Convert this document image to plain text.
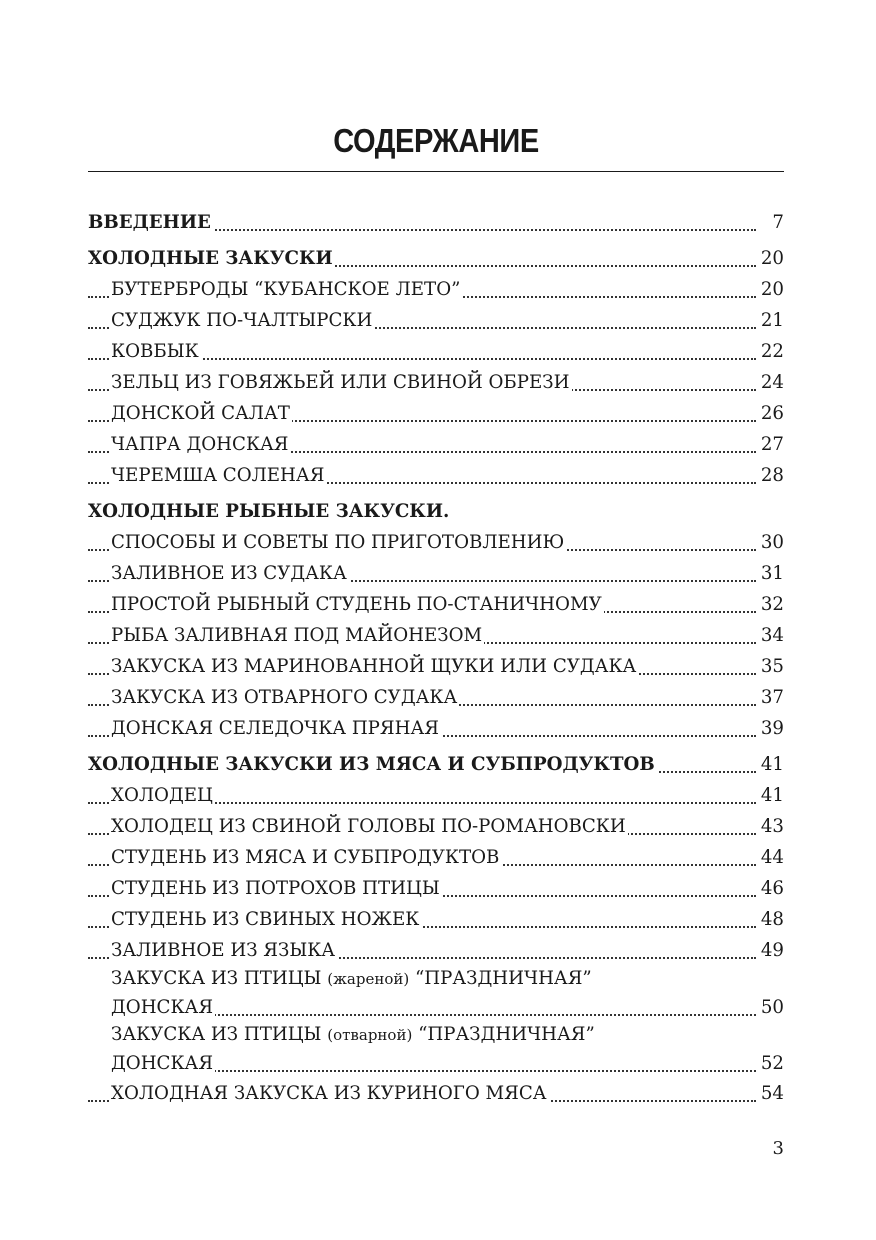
СОДЕРЖАНИЕ
ВВЕДЕНИЕ	7
ХОЛОДНЫЕ ЗАКУСКИ	20
БУТЕРБРОДЫ “КУБАНСКОЕ ЛЕТО”	20
СУДЖУК ПО-ЧАЛТЫРСКИ	21
КОВБЫК	22
ЗЕЛЬЦ ИЗ ГОВЯЖЬЕЙ ИЛИ СВИНОЙ ОБРЕЗИ	24
ДОНСКОЙ САЛАТ	26
ЧАПРА ДОНСКАЯ	27
ЧЕРЕМША СОЛЕНАЯ	28
ХОЛОДНЫЕ РЫБНЫЕ ЗАКУСКИ.
СПОСОБЫ И СОВЕТЫ ПО ПРИГОТОВЛЕНИЮ	30
ЗАЛИВНОЕ ИЗ СУДАКА	31
ПРОСТОЙ РЫБНЫЙ СТУДЕНЬ ПО-СТАНИЧНОМУ	32
РЫБА ЗАЛИВНАЯ ПОД МАЙОНЕЗОМ	34
ЗАКУСКА ИЗ МАРИНОВАННОЙ ЩУКИ ИЛИ СУДАКА	35
ЗАКУСКА ИЗ ОТВАРНОГО СУДАКА	37
ДОНСКАЯ СЕЛЕДОЧКА ПРЯНАЯ	39
ХОЛОДНЫЕ ЗАКУСКИ ИЗ МЯСА И СУБПРОДУКТОВ	41
ХОЛОДЕЦ	41
ХОЛОДЕЦ ИЗ СВИНОЙ ГОЛОВЫ ПО-РОМАНОВСКИ	43
СТУДЕНЬ ИЗ МЯСА И СУБПРОДУКТОВ	44
СТУДЕНЬ ИЗ ПОТРОХОВ ПТИЦЫ	46
СТУДЕНЬ ИЗ СВИНЫХ НОЖЕК	48
ЗАЛИВНОЕ ИЗ ЯЗЫКА	49
ЗАКУСКА ИЗ ПТИЦЫ (жареной) “ПРАЗДНИЧНАЯ”
ДОНСКАЯ	50
ЗАКУСКА ИЗ ПТИЦЫ (отварной) “ПРАЗДНИЧНАЯ”
ДОНСКАЯ	52
ХОЛОДНАЯ ЗАКУСКА ИЗ КУРИНОГО МЯСА	54
3
